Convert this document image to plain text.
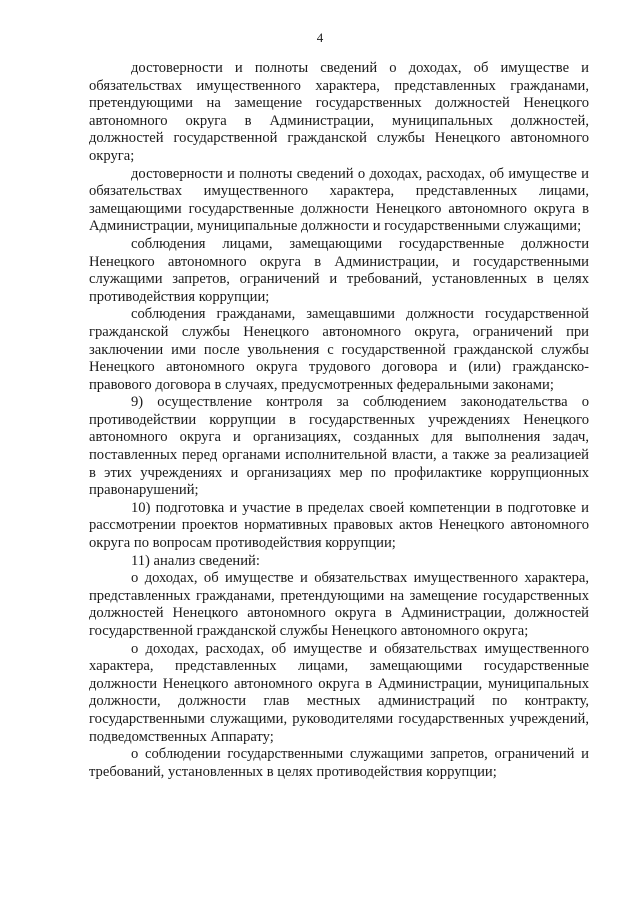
4

достоверности и полноты сведений о доходах, об имуществе и обязательствах имущественного характера, представленных гражданами, претендующими на замещение государственных должностей Ненецкого автономного округа в Администрации, муниципальных должностей, должностей государственной гражданской службы Ненецкого автономного округа;

достоверности и полноты сведений о доходах, расходах, об имуществе и обязательствах имущественного характера, представленных лицами, замещающими государственные должности Ненецкого автономного округа в Администрации, муниципальные должности и государственными служащими;

соблюдения лицами, замещающими государственные должности Ненецкого автономного округа в Администрации, и государственными служащими запретов, ограничений и требований, установленных в целях противодействия коррупции;

соблюдения гражданами, замещавшими должности государственной гражданской службы Ненецкого автономного округа, ограничений при заключении ими после увольнения с государственной гражданской службы Ненецкого автономного округа трудового договора и (или) гражданско-правового договора в случаях, предусмотренных федеральными законами;

9) осуществление контроля за соблюдением законодательства о противодействии коррупции в государственных учреждениях Ненецкого автономного округа и организациях, созданных для выполнения задач, поставленных перед органами исполнительной власти, а также за реализацией в этих учреждениях и организациях мер по профилактике коррупционных правонарушений;

10) подготовка и участие в пределах своей компетенции в подготовке и рассмотрении проектов нормативных правовых актов Ненецкого автономного округа по вопросам противодействия коррупции;

11) анализ сведений:

о доходах, об имуществе и обязательствах имущественного характера, представленных гражданами, претендующими на замещение государственных должностей Ненецкого автономного округа в Администрации, должностей государственной гражданской службы Ненецкого автономного округа;

о доходах, расходах, об имуществе и обязательствах имущественного характера, представленных лицами, замещающими государственные должности Ненецкого автономного округа в Администрации, муниципальных должности, должности глав местных администраций по контракту, государственными служащими, руководителями государственных учреждений, подведомственных Аппарату;

о соблюдении государственными служащими запретов, ограничений и требований, установленных в целях противодействия коррупции;
